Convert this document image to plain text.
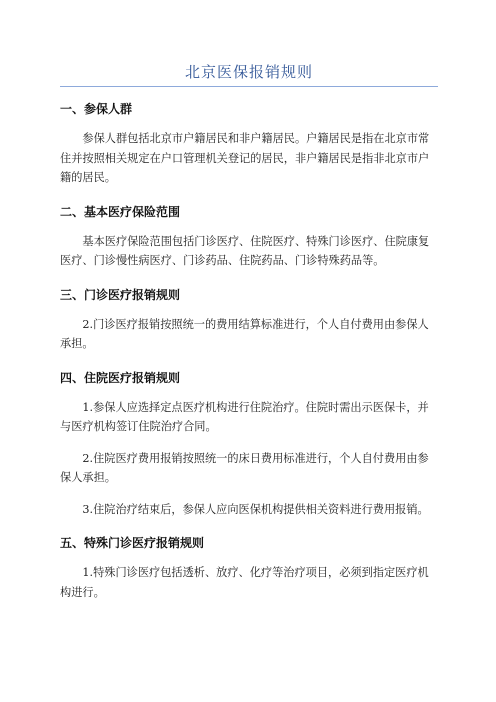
北京医保报销规则
一、参保人群

参保人群包括北京市户籍居民和非户籍居民。户籍居民是指在北京市常住并按照相关规定在户口管理机关登记的居民，非户籍居民是指非北京市户籍的居民。

二、基本医疗保险范围

基本医疗保险范围包括门诊医疗、住院医疗、特殊门诊医疗、住院康复医疗、门诊慢性病医疗、门诊药品、住院药品、门诊特殊药品等。

三、门诊医疗报销规则

2.门诊医疗报销按照统一的费用结算标准进行，个人自付费用由参保人承担。

四、住院医疗报销规则

1.参保人应选择定点医疗机构进行住院治疗。住院时需出示医保卡，并与医疗机构签订住院治疗合同。

2.住院医疗费用报销按照统一的床日费用标准进行，个人自付费用由参保人承担。

3.住院治疗结束后，参保人应向医保机构提供相关资料进行费用报销。

五、特殊门诊医疗报销规则

1.特殊门诊医疗包括透析、放疗、化疗等治疗项目，必须到指定医疗机构进行。
